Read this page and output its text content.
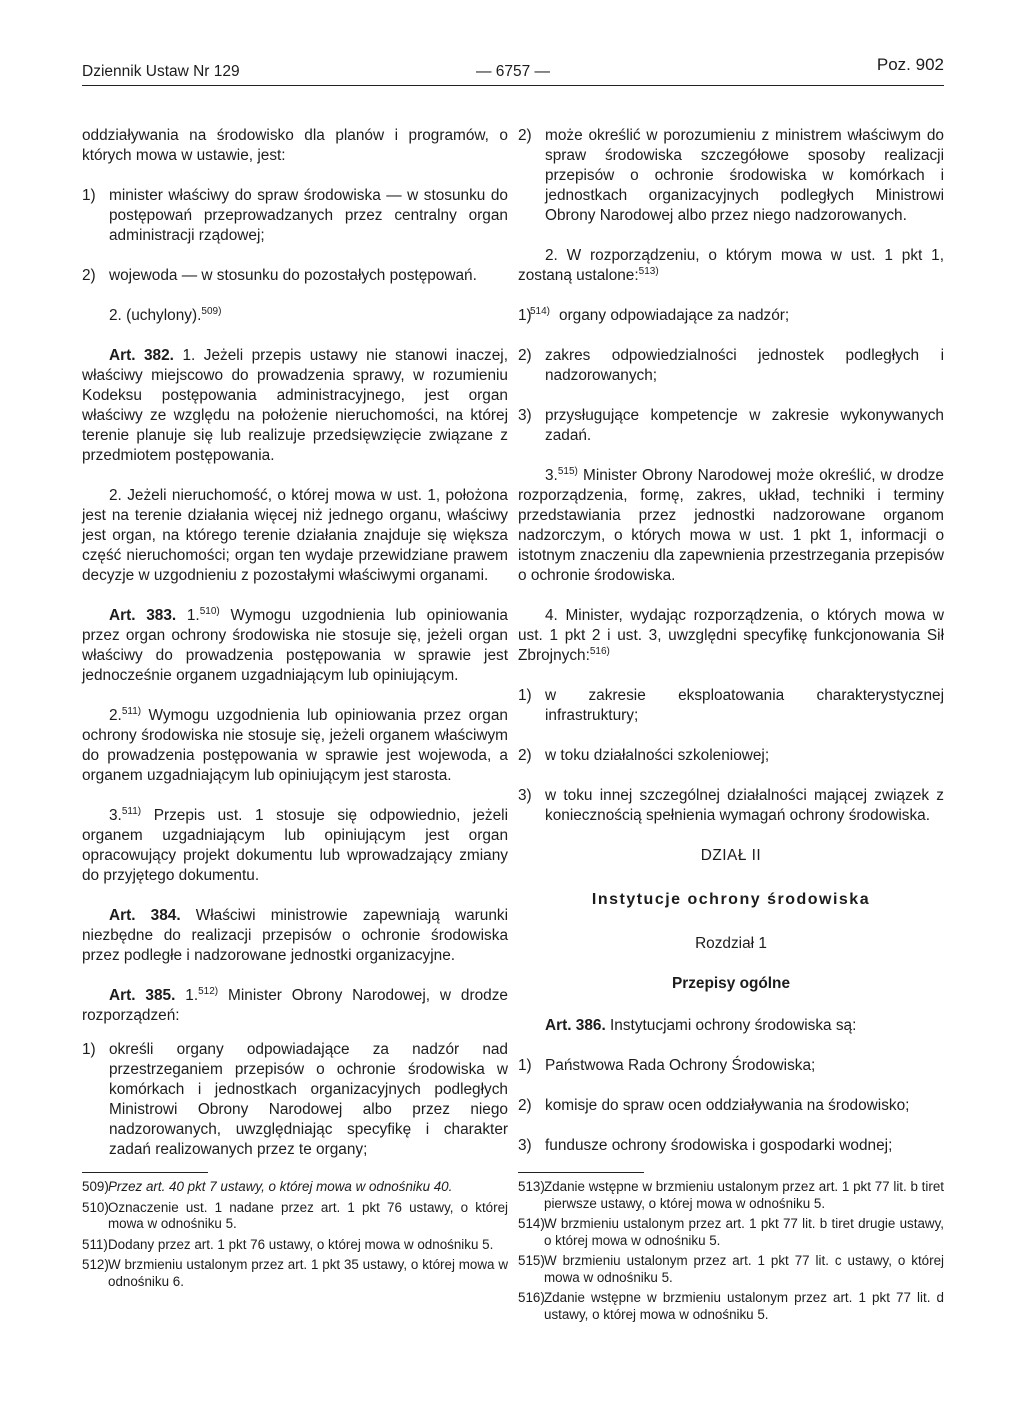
Dziennik Ustaw Nr 129	— 6757 —	Poz. 902

oddziaływania na środowisko dla planów i programów, o których mowa w ustawie, jest:

1) minister właściwy do spraw środowiska — w stosunku do postępowań przeprowadzanych przez centralny organ administracji rządowej;
2) wojewoda — w stosunku do pozostałych postępowań.

2. (uchylony).$^{509)}$

Art. 382. 1. Jeżeli przepis ustawy nie stanowi inaczej, właściwy miejscowo do prowadzenia sprawy, w rozumieniu Kodeksu postępowania administracyjnego, jest organ właściwy ze względu na położenie nieruchomości, na której terenie planuje się lub realizuje przedsięwzięcie związane z przedmiotem postępowania.

2. Jeżeli nieruchomość, o której mowa w ust. 1, położona jest na terenie działania więcej niż jednego organu, właściwy jest organ, na którego terenie działania znajduje się większa część nieruchomości; organ ten wydaje przewidziane prawem decyzje w uzgodnieniu z pozostałymi właściwymi organami.

Art. 383. 1.$^{510)}$ Wymogu uzgodnienia lub opiniowania przez organ ochrony środowiska nie stosuje się, jeżeli organ właściwy do prowadzenia postępowania w sprawie jest jednocześnie organem uzgadniającym lub opiniującym.

2.$^{511)}$ Wymogu uzgodnienia lub opiniowania przez organ ochrony środowiska nie stosuje się, jeżeli organem właściwym do prowadzenia postępowania w sprawie jest wojewoda, a organem uzgadniającym lub opiniującym jest starosta.

3.$^{511)}$ Przepis ust. 1 stosuje się odpowiednio, jeżeli organem uzgadniającym lub opiniującym jest organ opracowujący projekt dokumentu lub wprowadzający zmiany do przyjętego dokumentu.

Art. 384. Właściwi ministrowie zapewniają warunki niezbędne do realizacji przepisów o ochronie środowiska przez podległe i nadzorowane jednostki organizacyjne.

Art. 385. 1.$^{512)}$ Minister Obrony Narodowej, w drodze rozporządzeń:

1) określi organy odpowiadające za nadzór nad przestrzeganiem przepisów o ochronie środowiska w komórkach i jednostkach organizacyjnych podległych Ministrowi Obrony Narodowej albo przez niego nadzorowanych, uwzględniając specyfikę i charakter zadań realizowanych przez te organy;
509) Przez art. 40 pkt 7 ustawy, o której mowa w odnośniku 40.
510) Oznaczenie ust. 1 nadane przez art. 1 pkt 76 ustawy, o której mowa w odnośniku 5.
511) Dodany przez art. 1 pkt 76 ustawy, o której mowa w odnośniku 5.
512) W brzmieniu ustalonym przez art. 1 pkt 35 ustawy, o której mowa w odnośniku 6.
2) może określić w porozumieniu z ministrem właściwym do spraw środowiska szczegółowe sposoby realizacji przepisów o ochronie środowiska w komórkach i jednostkach organizacyjnych podległych Ministrowi Obrony Narodowej albo przez niego nadzorowanych.

2. W rozporządzeniu, o którym mowa w ust. 1 pkt 1, zostaną ustalone:$^{513)}$

1)
$^{514)}$ organy odpowiadające za nadzór;
2) zakres odpowiedzialności jednostek podległych i nadzorowanych;
3) przysługujące kompetencje w zakresie wykonywanych zadań.

3.$^{515)}$ Minister Obrony Narodowej może określić, w drodze rozporządzenia, formę, zakres, układ, techniki i terminy przedstawiania przez jednostki nadzorowane organom nadzorczym, o których mowa w ust. 1 pkt 1, informacji o istotnym znaczeniu dla zapewnienia przestrzegania przepisów o ochronie środowiska.

4. Minister, wydając rozporządzenia, o których mowa w ust. 1 pkt 2 i ust. 3, uwzględni specyfikę funkcjonowania Sił Zbrojnych:$^{516)}$

1) w zakresie eksploatowania charakterystycznej infrastruktury;
2) w toku działalności szkoleniowej;
3) w toku innej szczególnej działalności mającej związek z koniecznością spełnienia wymagań ochrony środowiska.
DZIAŁ II
Instytucje ochrony środowiska
Rozdział 1
Przepisy ogólne

Art. 386. Instytucjami ochrony środowiska są:

1) Państwowa Rada Ochrony Środowiska;
2) komisje do spraw ocen oddziaływania na środowisko;
3) fundusze ochrony środowiska i gospodarki wodnej;
513) Zdanie wstępne w brzmieniu ustalonym przez art. 1 pkt 77 lit. b tiret pierwsze ustawy, o której mowa w odnośniku 5.
514) W brzmieniu ustalonym przez art. 1 pkt 77 lit. b tiret drugie ustawy, o której mowa w odnośniku 5.
515) W brzmieniu ustalonym przez art. 1 pkt 77 lit. c ustawy, o której mowa w odnośniku 5.
516) Zdanie wstępne w brzmieniu ustalonym przez art. 1 pkt 77 lit. d ustawy, o której mowa w odnośniku 5.
